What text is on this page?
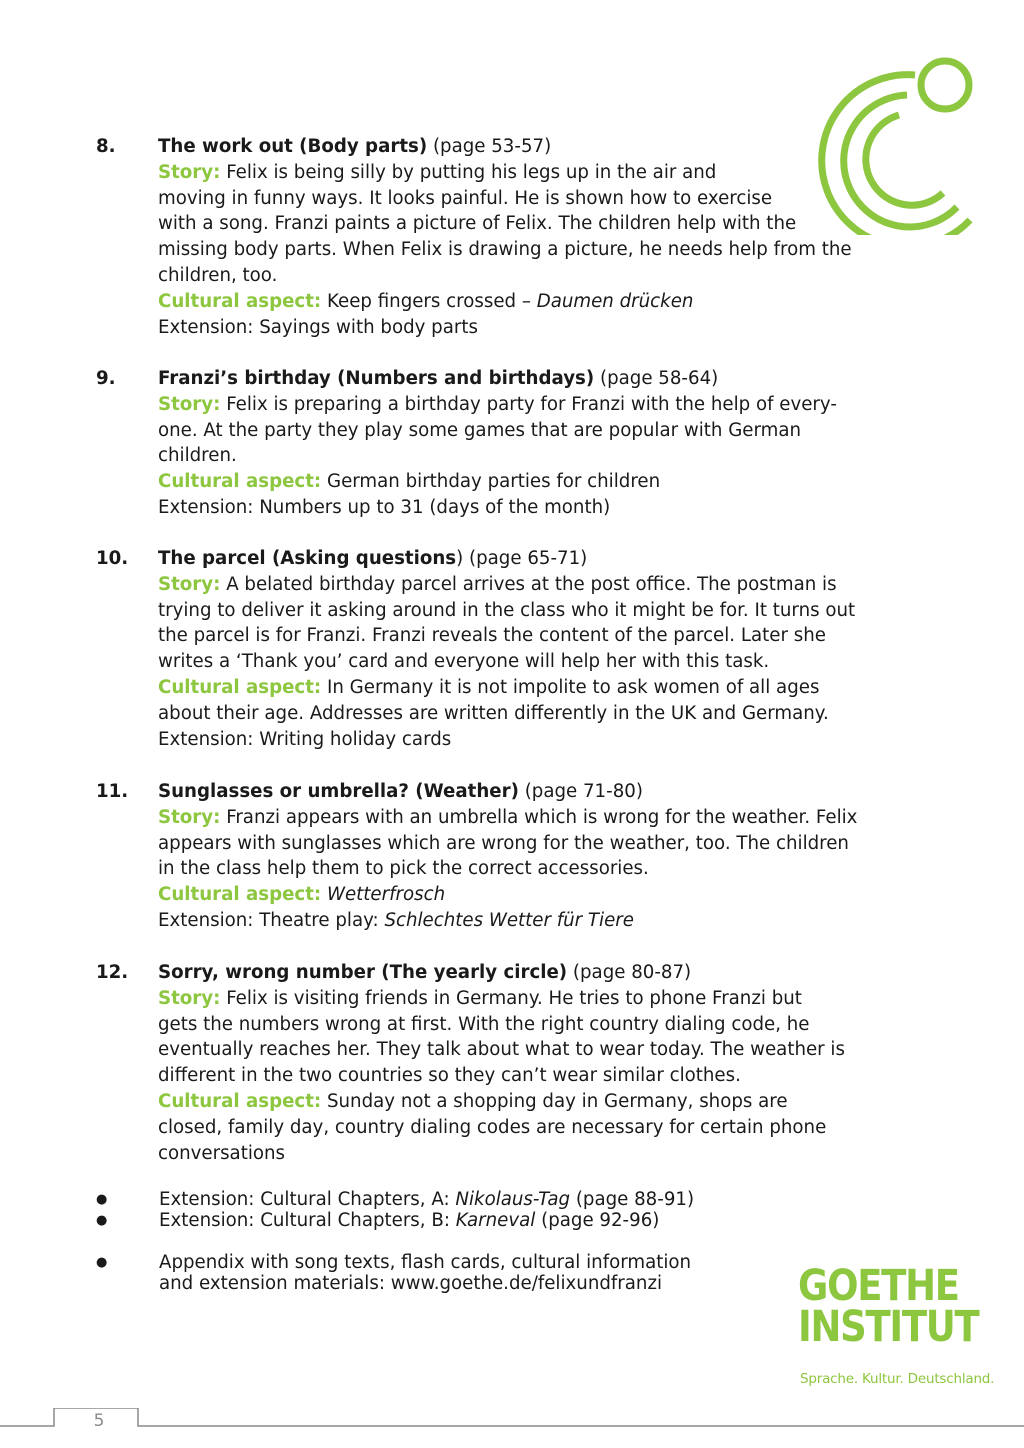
8. The work out (Body parts) (page 53-57)
Story: Felix is being silly by putting his legs up in the air and
moving in funny ways. It looks painful. He is shown how to exercise
with a song. Franzi paints a picture of Felix. The children help with the
missing body parts. When Felix is drawing a picture, he needs help from the
children, too.
Cultural aspect: Keep fingers crossed – Daumen drücken
Extension: Sayings with body parts
9. Franzi’s birthday (Numbers and birthdays) (page 58-64)
Story: Felix is preparing a birthday party for Franzi with the help of every-
one. At the party they play some games that are popular with German
children.
Cultural aspect: German birthday parties for children
Extension: Numbers up to 31 (days of the month)
10. The parcel (Asking questions) (page 65-71)
Story: A belated birthday parcel arrives at the post office. The postman is
trying to deliver it asking around in the class who it might be for. It turns out
the parcel is for Franzi. Franzi reveals the content of the parcel. Later she
writes a ‘Thank you’ card and everyone will help her with this task.
Cultural aspect: In Germany it is not impolite to ask women of all ages
about their age. Addresses are written differently in the UK and Germany.
Extension: Writing holiday cards
11. Sunglasses or umbrella? (Weather) (page 71-80)
Story: Franzi appears with an umbrella which is wrong for the weather. Felix
appears with sunglasses which are wrong for the weather, too. The children
in the class help them to pick the correct accessories.
Cultural aspect: Wetterfrosch
Extension: Theatre play: Schlechtes Wetter für Tiere
12. Sorry, wrong number (The yearly circle) (page 80-87)
Story: Felix is visiting friends in Germany. He tries to phone Franzi but
gets the numbers wrong at first. With the right country dialing code, he
eventually reaches her. They talk about what to wear today. The weather is
different in the two countries so they can’t wear similar clothes.
Cultural aspect: Sunday not a shopping day in Germany, shops are
closed, family day, country dialing codes are necessary for certain phone
conversations
●	Extension: Cultural Chapters, A: Nikolaus-Tag (page 88-91)
●	Extension: Cultural Chapters, B: Karneval (page 92-96)
●	Appendix with song texts, flash cards, cultural information
and extension materials: www.goethe.de/felixundfranzi	GOETHE
INSTITUT
Sprache. Kultur. Deutschland.
5
